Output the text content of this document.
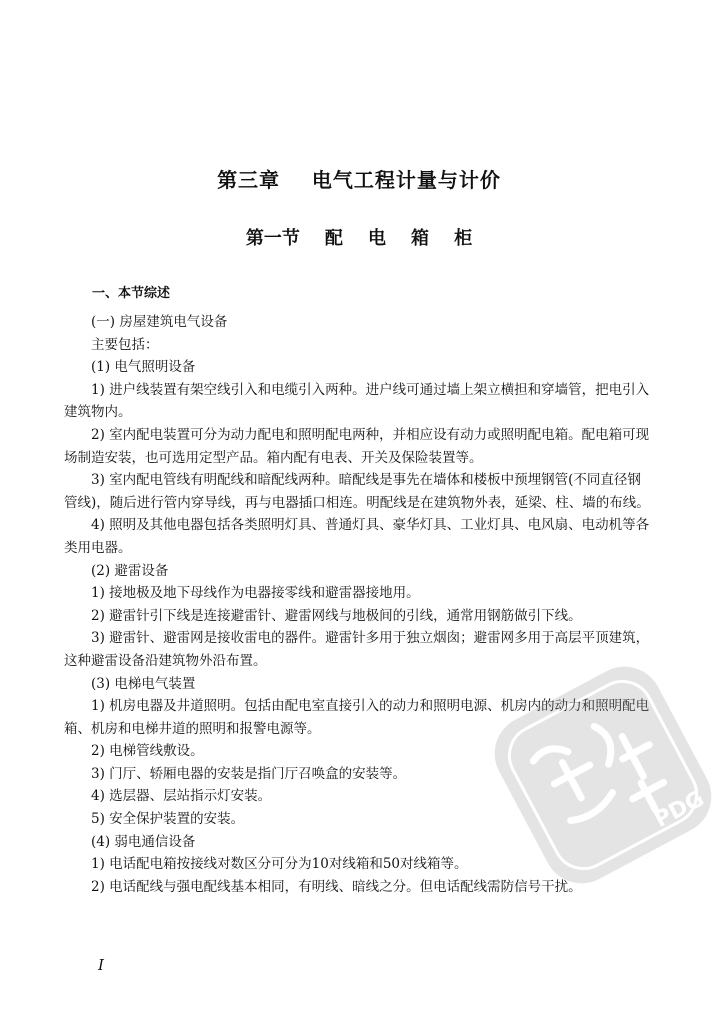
第三章    电气工程计量与计价
第一节    配    电    箱    柜
一、本节综述

(一) 房屋建筑电气设备

主要包括：

(1) 电气照明设备

1) 进户线装置有架空线引入和电缆引入两种。进户线可通过墙上架立横担和穿墙管，把电引入建筑物内。

2) 室内配电装置可分为动力配电和照明配电两种，并相应设有动力或照明配电箱。配电箱可现场制造安装，也可选用定型产品。箱内配有电表、开关及保险装置等。

3) 室内配电管线有明配线和暗配线两种。暗配线是事先在墙体和楼板中预埋钢管(不同直径钢管线)，随后进行管内穿导线，再与电器插口相连。明配线是在建筑物外表，延梁、柱、墙的布线。

4) 照明及其他电器包括各类照明灯具、普通灯具、豪华灯具、工业灯具、电风扇、电动机等各类用电器。

(2) 避雷设备

1) 接地极及地下母线作为电器接零线和避雷器接地用。

2) 避雷针引下线是连接避雷针、避雷网线与地极间的引线，通常用钢筋做引下线。

3) 避雷针、避雷网是接收雷电的器件。避雷针多用于独立烟囱；避雷网多用于高层平顶建筑，这种避雷设备沿建筑物外沿布置。

(3) 电梯电气装置

1) 机房电器及井道照明。包括由配电室直接引入的动力和照明电源、机房内的动力和照明配电箱、机房和电梯井道的照明和报警电源等。

2) 电梯管线敷设。

3) 门厅、轿厢电器的安装是指门厅召唤盒的安装等。

4) 选层器、层站指示灯安装。

5) 安全保护装置的安装。

(4) 弱电通信设备

1) 电话配电箱按接线对数区分可分为10对线箱和50对线箱等。

2) 电话配线与强电配线基本相同，有明线、暗线之分。但电话配线需防信号干扰。

I
PDG
